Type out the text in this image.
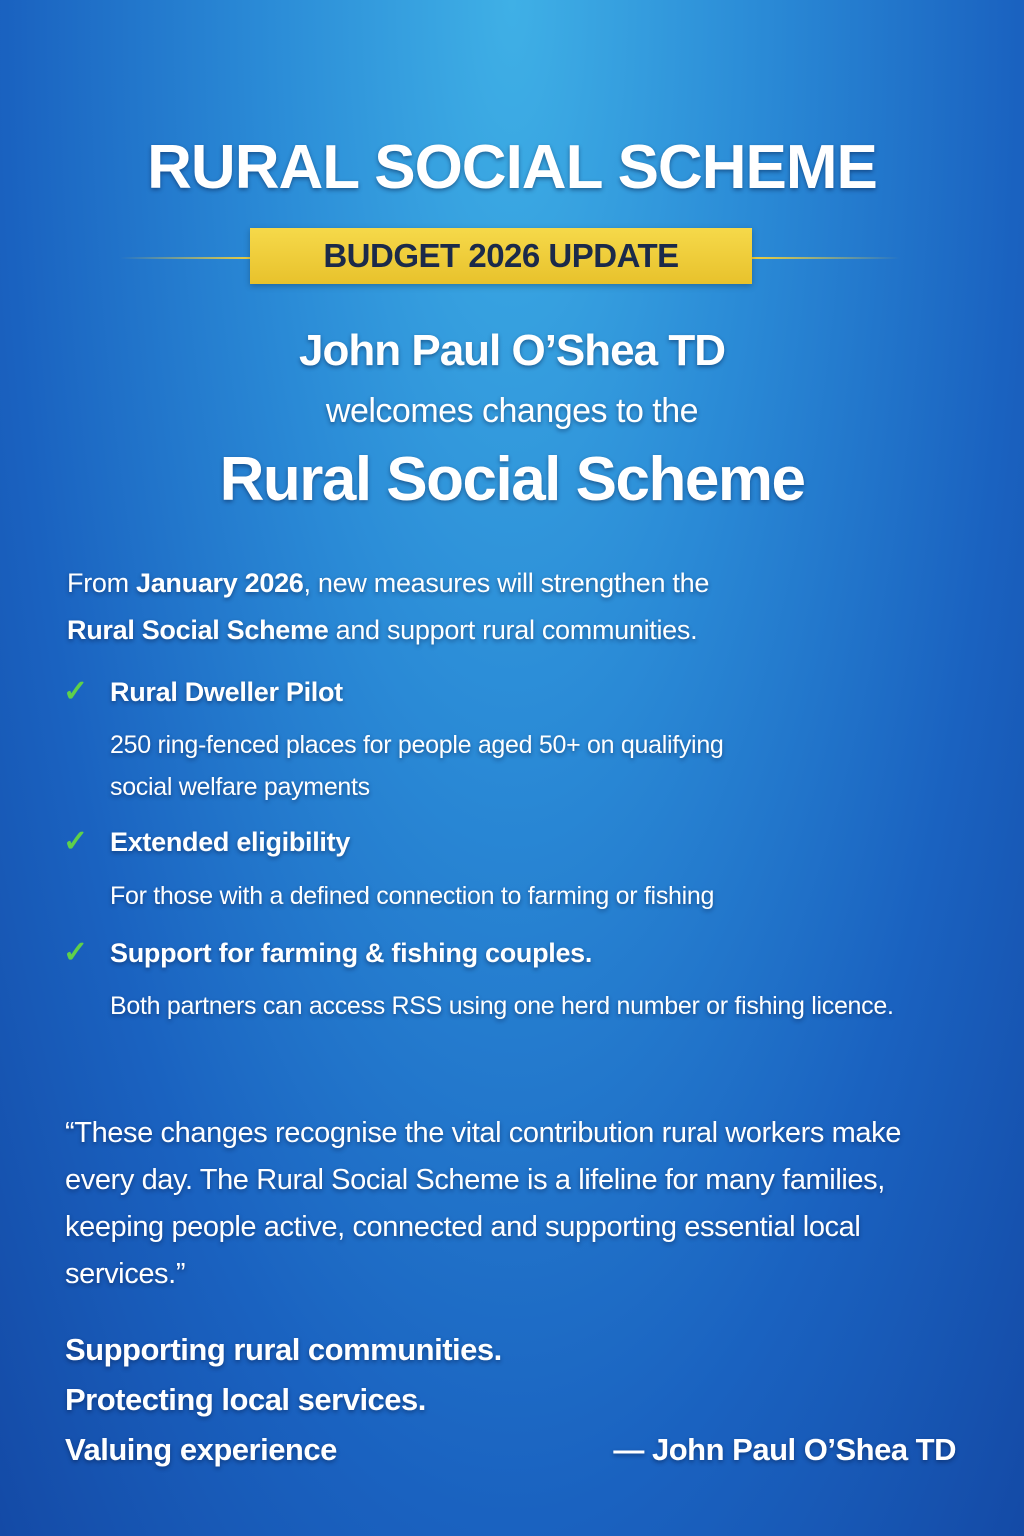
RURAL SOCIAL SCHEME
BUDGET 2026 UPDATE
John Paul O’Shea TD
welcomes changes to the
Rural Social Scheme
From January 2026, new measures will strengthen the
Rural Social Scheme and support rural communities.
✓ Rural Dweller Pilot
250 ring-fenced places for people aged 50+ on qualifying social welfare payments
✓ Extended eligibility
For those with a defined connection to farming or fishing
✓ Support for farming & fishing couples.
Both partners can access RSS using one herd number or fishing licence.
“These changes recognise the vital contribution rural workers make every day. The Rural Social Scheme is a lifeline for many families, keeping people active, connected and supporting essential local services.”
Supporting rural communities.
Protecting local services.
Valuing experience	— John Paul O’Shea TD
